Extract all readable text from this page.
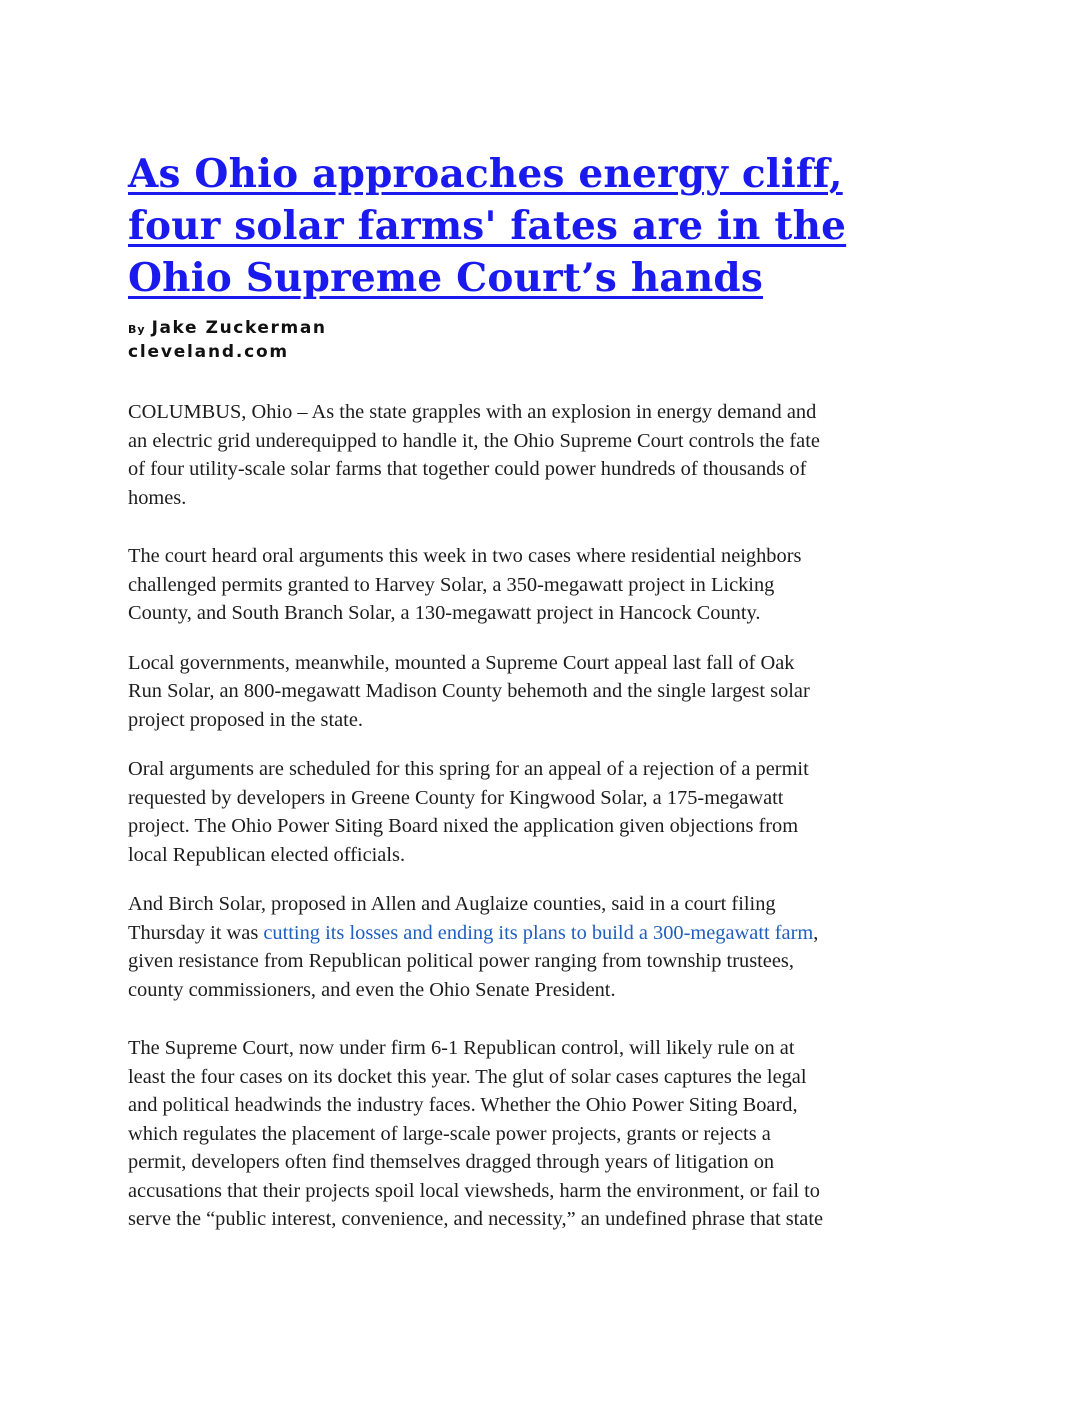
As Ohio approaches energy cliff,
four solar farms' fates are in the
Ohio Supreme Court’s hands
By Jake Zuckerman
cleveland.com

COLUMBUS, Ohio – As the state grapples with an explosion in energy demand and
an electric grid underequipped to handle it, the Ohio Supreme Court controls the fate
of four utility-scale solar farms that together could power hundreds of thousands of
homes.

The court heard oral arguments this week in two cases where residential neighbors
challenged permits granted to Harvey Solar, a 350-megawatt project in Licking
County, and South Branch Solar, a 130-megawatt project in Hancock County.

Local governments, meanwhile, mounted a Supreme Court appeal last fall of Oak
Run Solar, an 800-megawatt Madison County behemoth and the single largest solar
project proposed in the state.

Oral arguments are scheduled for this spring for an appeal of a rejection of a permit
requested by developers in Greene County for Kingwood Solar, a 175-megawatt
project. The Ohio Power Siting Board nixed the application given objections from
local Republican elected officials.

And Birch Solar, proposed in Allen and Auglaize counties, said in a court filing
Thursday it was cutting its losses and ending its plans to build a 300-megawatt farm,
given resistance from Republican political power ranging from township trustees,
county commissioners, and even the Ohio Senate President.

The Supreme Court, now under firm 6-1 Republican control, will likely rule on at
least the four cases on its docket this year. The glut of solar cases captures the legal
and political headwinds the industry faces. Whether the Ohio Power Siting Board,
which regulates the placement of large-scale power projects, grants or rejects a
permit, developers often find themselves dragged through years of litigation on
accusations that their projects spoil local viewsheds, harm the environment, or fail to
serve the “public interest, convenience, and necessity,” an undefined phrase that state
